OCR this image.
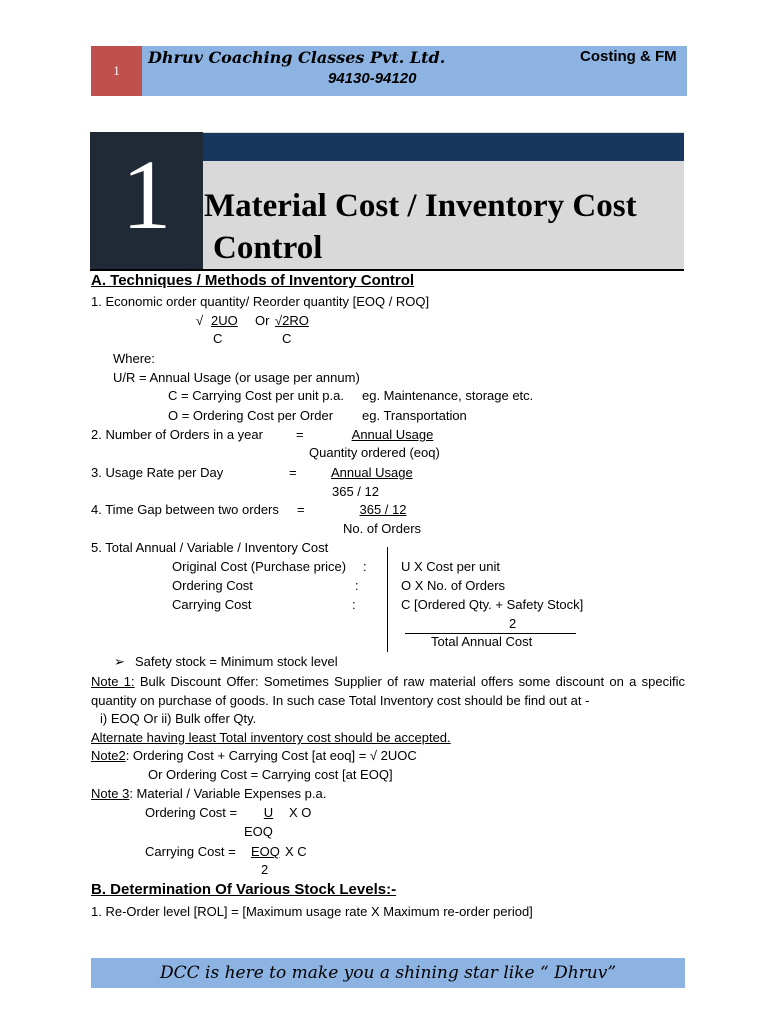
1
Dhruv Coaching Classes Pvt. Ltd.
94130-94120
Costing & FM
1 Material Cost / Inventory Cost
Control
A. Techniques / Methods of Inventory Control
1. Economic order quantity/ Reorder quantity [EOQ / ROQ]
√ 2UO	Or √2RO
C	C
Where:
U/R = Annual Usage (or usage per annum)
C = Carrying Cost per unit p.a. eg. Maintenance, storage etc.
O = Ordering Cost per Order eg. Transportation
2. Number of Orders in a year	=	Annual Usage
Quantity ordered (eoq)
3. Usage Rate per Day	=	Annual Usage
365 / 12
4. Time Gap between two orders =	365 / 12
No. of Orders
5. Total Annual / Variable / Inventory Cost
Original Cost (Purchase price) :	U X Cost per unit
Ordering Cost	:	O X No. of Orders
Carrying Cost	:	C [Ordered Qty. + Safety Stock]
2
Total Annual Cost
➢ Safety stock = Minimum stock level
Note 1: Bulk Discount Offer: Sometimes Supplier of raw material offers some discount on a specific quantity on purchase of goods. In such case Total Inventory cost should be find out at -
i) EOQ Or ii) Bulk offer Qty.
Alternate having least Total inventory cost should be accepted.
Note2: Ordering Cost + Carrying Cost [at eoq] = √ 2UOC
Or Ordering Cost = Carrying cost [at EOQ]
Note 3: Material / Variable Expenses p.a.
Ordering Cost =	U	X O
EOQ
Carrying Cost = EOQ X C
2
B. Determination Of Various Stock Levels:-
1. Re-Order level [ROL] = [Maximum usage rate X Maximum re-order period]
DCC is here to make you a shining star like “ Dhruv”
